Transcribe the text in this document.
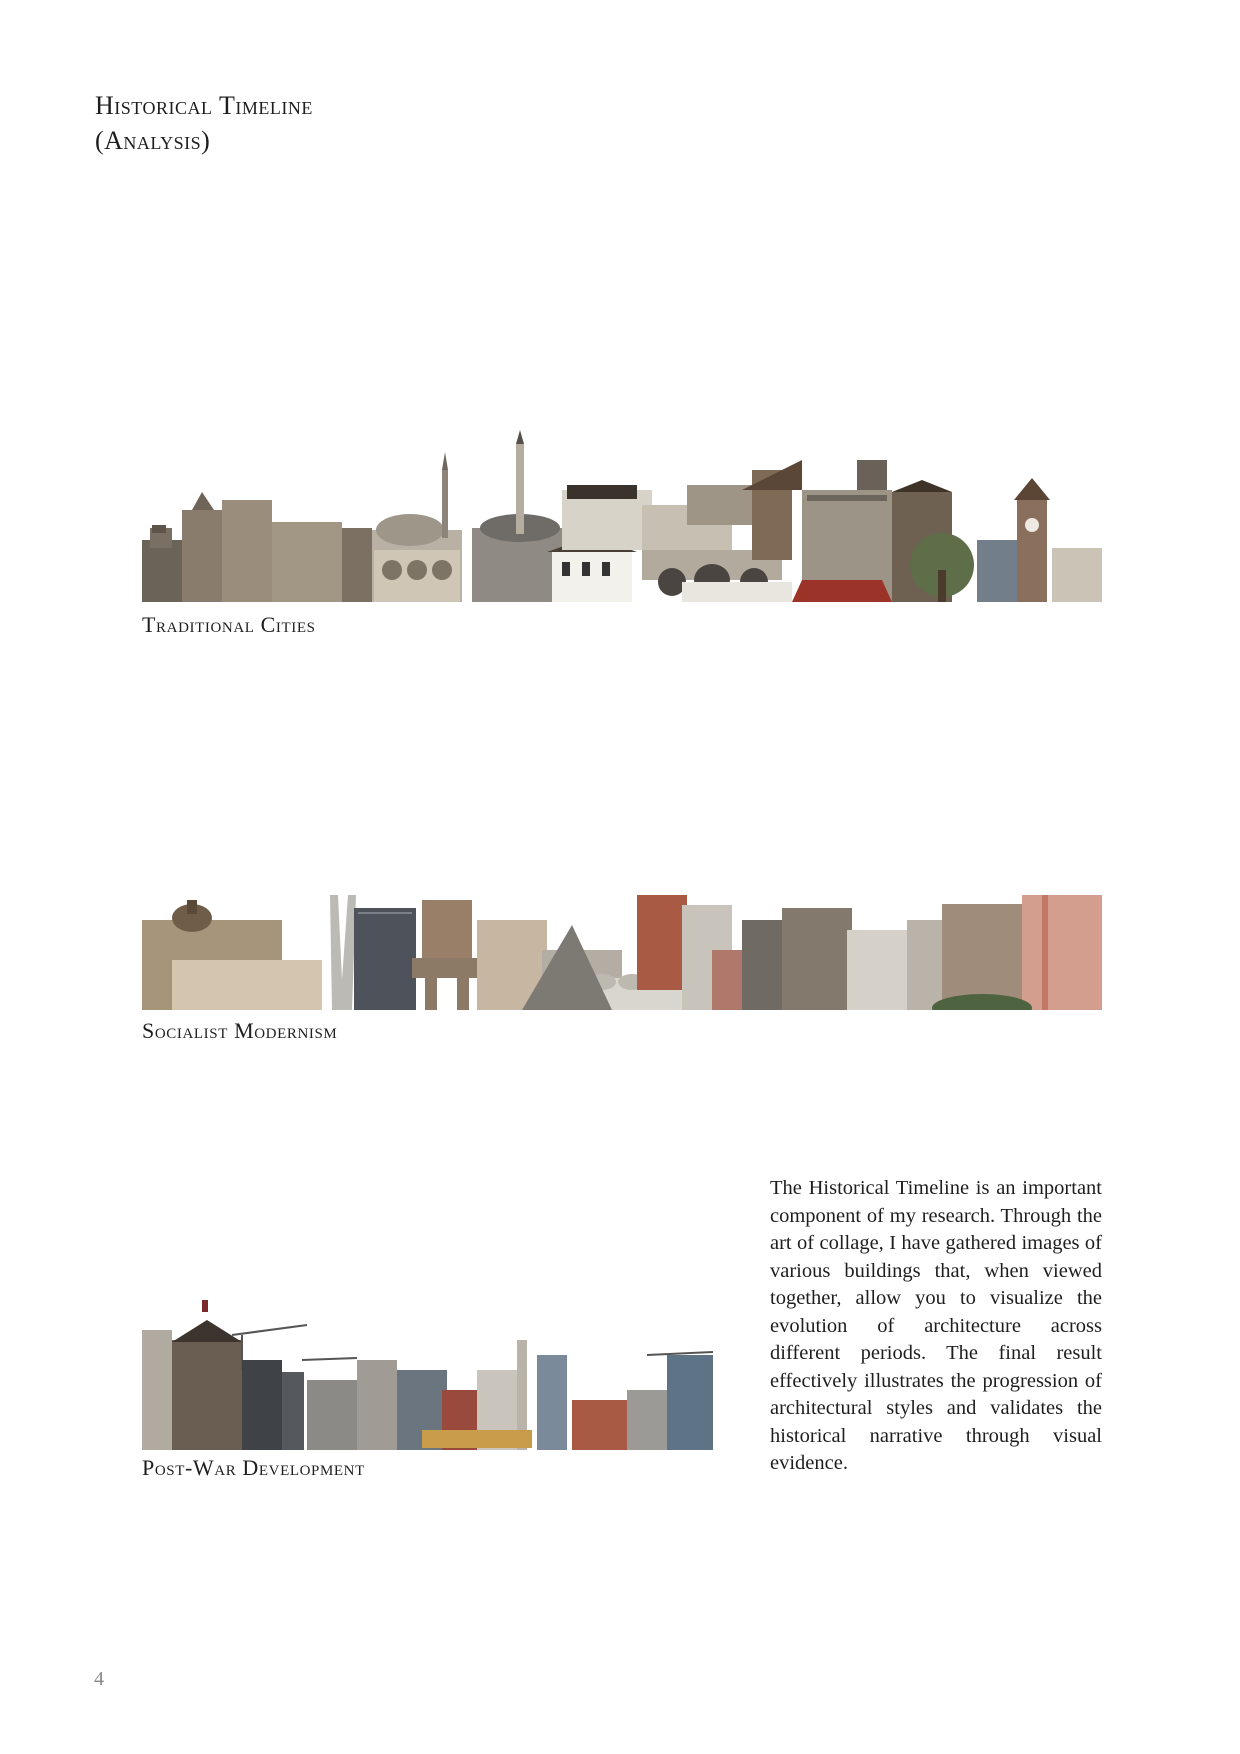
Historical Timeline
(Analysis)
Traditional Cities
Socialist Modernism
Post-War Development

The Historical Timeline is an important component of my research. Through the art of collage, I have gathered images of various buildings that, when viewed together, allow you to visualize the evolution of architecture across different periods. The final result effectively illustrates the progression of architectural styles and validates the historical narrative through visual evidence.

4
